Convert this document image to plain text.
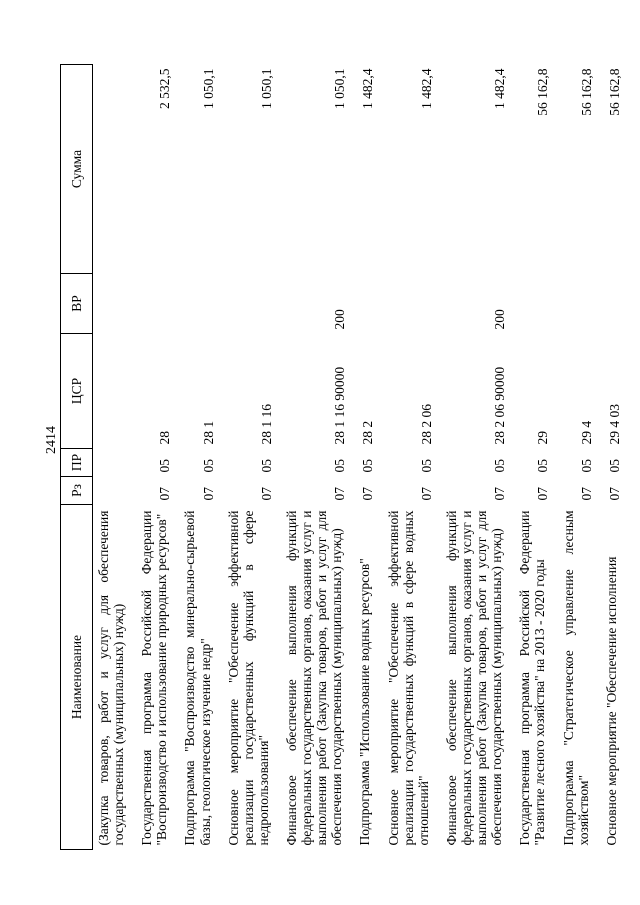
2414
Наименование	Рз	ПР	ЦСР	ВР	Сумма
(Закупка товаров, работ и услуг для обеспечения государственных (муниципальных) нужд)					
Государственная программа Российской Федерации "Воспроизводство и использование природных ресурсов"	07	05	28		2 532,5
Подпрограмма "Воспроизводство минерально-сырьевой базы, геологическое изучение недр"	07	05	28 1		1 050,1
Основное мероприятие "Обеспечение эффективной реализации государственных функций в сфере недропользования"	07	05	28 1 16		1 050,1
Финансовое обеспечение выполнения функций федеральных государственных органов, оказания услуг и выполнения работ (Закупка товаров, работ и услуг для обеспечения государственных (муниципальных) нужд)	07	05	28 1 16 90000	200	1 050,1
Подпрограмма "Использование водных ресурсов"	07	05	28 2		1 482,4
Основное мероприятие "Обеспечение эффективной реализации государственных функций в сфере водных отношений"	07	05	28 2 06		1 482,4
Финансовое обеспечение выполнения функций федеральных государственных органов, оказания услуг и выполнения работ (Закупка товаров, работ и услуг для обеспечения государственных (муниципальных) нужд)	07	05	28 2 06 90000	200	1 482,4
Государственная программа Российской Федерации "Развитие лесного хозяйства" на 2013 - 2020 годы	07	05	29		56 162,8
Подпрограмма "Стратегическое управление лесным хозяйством"	07	05	29 4		56 162,8
Основное мероприятие "Обеспечение исполнения	07	05	29 4 03		56 162,8
